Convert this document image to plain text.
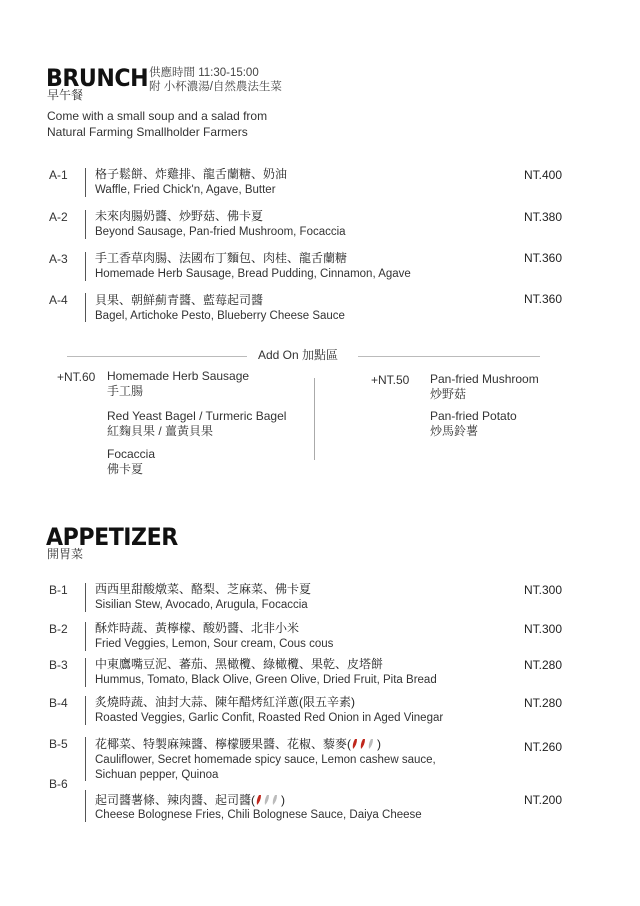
BRUNCH
早午餐
供應時間 11:30-15:00
附 小杯濃湯/自然農法生菜
Come with a small soup and a salad from
Natural Farming Smallholder Farmers
A-1 格子鬆餅、炸雞排、龍舌蘭糖、奶油
Waffle, Fried Chick'n, Agave, Butter
NT.400
A-2 未來肉腸奶醬、炒野菇、佛卡夏
Beyond Sausage, Pan-fried Mushroom, Focaccia
NT.380
A-3 手工香草肉腸、法國布丁麵包、肉桂、龍舌蘭糖
Homemade Herb Sausage, Bread Pudding, Cinnamon, Agave
NT.360
A-4 貝果、朝鮮薊青醬、藍莓起司醬
Bagel, Artichoke Pesto, Blueberry Cheese Sauce
NT.360
Add On 加點區
+NT.60 Homemade Herb Sausage
手工腸
Red Yeast Bagel / Turmeric Bagel
紅麴貝果 / 薑黃貝果
Focaccia
佛卡夏
+NT.50 Pan-fried Mushroom
炒野菇
Pan-fried Potato
炒馬鈴薯
APPETIZER
開胃菜
B-1 西西里甜酸燉菜、酪梨、芝麻菜、佛卡夏
Sisilian Stew, Avocado, Arugula, Focaccia
NT.300
B-2 酥炸時蔬、黃檸檬、酸奶醬、北非小米
Fried Veggies, Lemon, Sour cream, Cous cous
NT.300
B-3 中東鷹嘴豆泥、蕃茄、黑橄欖、綠橄欖、果乾、皮塔餅
Hummus, Tomato, Black Olive, Green Olive, Dried Fruit, Pita Bread
NT.280
B-4 炙燒時蔬、油封大蒜、陳年醋烤紅洋蔥(限五辛素)
Roasted Veggies, Garlic Confit, Roasted Red Onion in Aged Vinegar
NT.280
B-5 花椰菜、特製麻辣醬、檸檬腰果醬、花椒、藜麥( )
Cauliflower, Secret homemade spicy sauce, Lemon cashew sauce,
Sichuan pepper, Quinoa
NT.260
B-6
起司醬薯條、辣肉醬、起司醬( )
Cheese Bolognese Fries, Chili Bolognese Sauce, Daiya Cheese
NT.200
